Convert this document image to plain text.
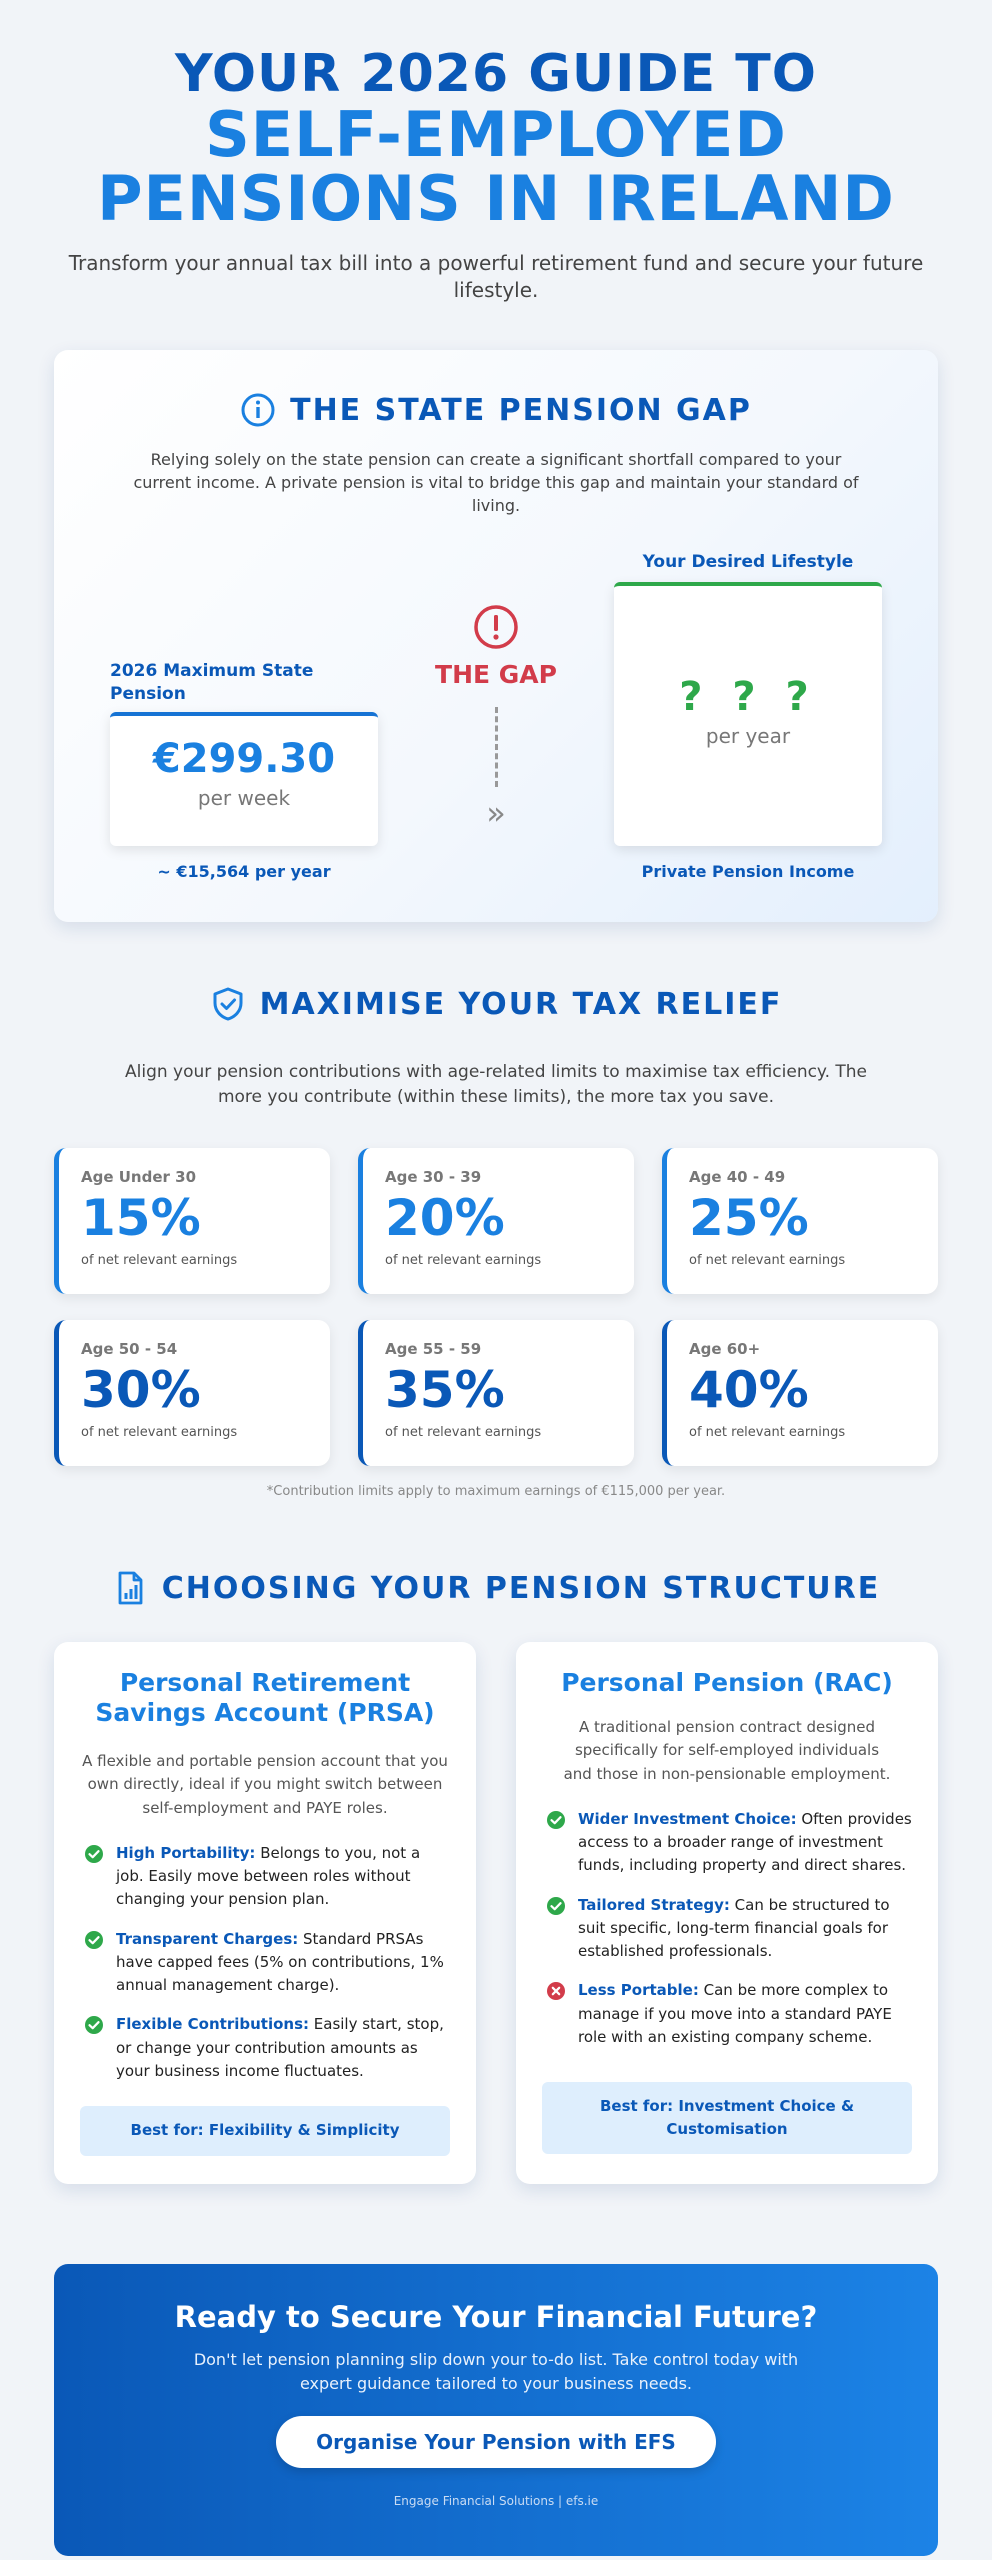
YOUR 2026 GUIDE TO
SELF-EMPLOYED
PENSIONS IN IRELAND

Transform your annual tax bill into a powerful retirement fund and secure your future lifestyle.

THE STATE PENSION GAP

Relying solely on the state pension can create a significant shortfall compared to your current income. A private pension is vital to bridge this gap and maintain your standard of living.

2026 Maximum State Pension
€299.30
per week
~ €15,564 per year
THE GAP
»
Your Desired Lifestyle
? ? ?
per year
Private Pension Income
MAXIMISE YOUR TAX RELIEF

Align your pension contributions with age-related limits to maximise tax efficiency. The more you contribute (within these limits), the more tax you save.

Age Under 30
15%
of net relevant earnings
Age 30 - 39
20%
of net relevant earnings
Age 40 - 49
25%
of net relevant earnings
Age 50 - 54
30%
of net relevant earnings
Age 55 - 59
35%
of net relevant earnings
Age 60+
40%
of net relevant earnings

*Contribution limits apply to maximum earnings of €115,000 per year.

CHOOSING YOUR PENSION STRUCTURE
Personal Retirement Savings Account (PRSA)

A flexible and portable pension account that you own directly, ideal if you might switch between self-employment and PAYE roles.

High Portability: Belongs to you, not a job. Easily move between roles without changing your pension plan.
Transparent Charges: Standard PRSAs have capped fees (5% on contributions, 1% annual management charge).
Flexible Contributions: Easily start, stop, or change your contribution amounts as your business income fluctuates.
Best for: Flexibility & Simplicity
Personal Pension (RAC)

A traditional pension contract designed specifically for self-employed individuals and those in non-pensionable employment.

Wider Investment Choice: Often provides access to a broader range of investment funds, including property and direct shares.
Tailored Strategy: Can be structured to suit specific, long-term financial goals for established professionals.
Less Portable: Can be more complex to manage if you move into a standard PAYE role with an existing company scheme.
Best for: Investment Choice & Customisation
Ready to Secure Your Financial Future?

Don't let pension planning slip down your to-do list. Take control today with expert guidance tailored to your business needs.

Organise Your Pension with EFS

Engage Financial Solutions | efs.ie
